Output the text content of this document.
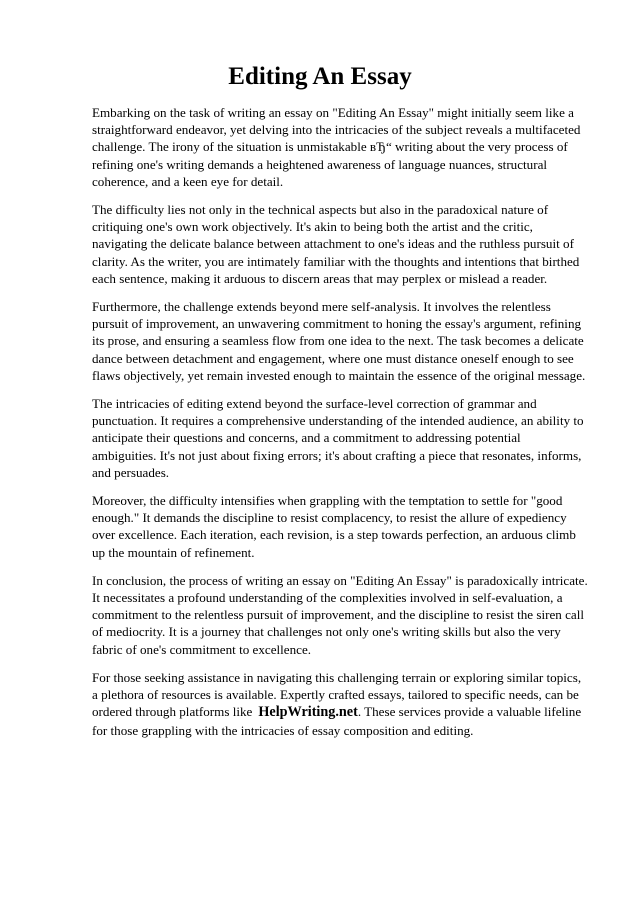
Editing An Essay

Embarking on the task of writing an essay on "Editing An Essay" might initially seem like a straightforward endeavor, yet delving into the intricacies of the subject reveals a multifaceted challenge. The irony of the situation is unmistakable вЂ“ writing about the very process of refining one's writing demands a heightened awareness of language nuances, structural coherence, and a keen eye for detail.

The difficulty lies not only in the technical aspects but also in the paradoxical nature of critiquing one's own work objectively. It's akin to being both the artist and the critic, navigating the delicate balance between attachment to one's ideas and the ruthless pursuit of clarity. As the writer, you are intimately familiar with the thoughts and intentions that birthed each sentence, making it arduous to discern areas that may perplex or mislead a reader.

Furthermore, the challenge extends beyond mere self-analysis. It involves the relentless pursuit of improvement, an unwavering commitment to honing the essay's argument, refining its prose, and ensuring a seamless flow from one idea to the next. The task becomes a delicate dance between detachment and engagement, where one must distance oneself enough to see flaws objectively, yet remain invested enough to maintain the essence of the original message.

The intricacies of editing extend beyond the surface-level correction of grammar and punctuation. It requires a comprehensive understanding of the intended audience, an ability to anticipate their questions and concerns, and a commitment to addressing potential ambiguities. It's not just about fixing errors; it's about crafting a piece that resonates, informs, and persuades.

Moreover, the difficulty intensifies when grappling with the temptation to settle for "good enough." It demands the discipline to resist complacency, to resist the allure of expediency over excellence. Each iteration, each revision, is a step towards perfection, an arduous climb up the mountain of refinement.

In conclusion, the process of writing an essay on "Editing An Essay" is paradoxically intricate. It necessitates a profound understanding of the complexities involved in self-evaluation, a commitment to the relentless pursuit of improvement, and the discipline to resist the siren call of mediocrity. It is a journey that challenges not only one's writing skills but also the very fabric of one's commitment to excellence.

For those seeking assistance in navigating this challenging terrain or exploring similar topics, a plethora of resources is available. Expertly crafted essays, tailored to specific needs, can be ordered through platforms like HelpWriting.net. These services provide a valuable lifeline for those grappling with the intricacies of essay composition and editing.
